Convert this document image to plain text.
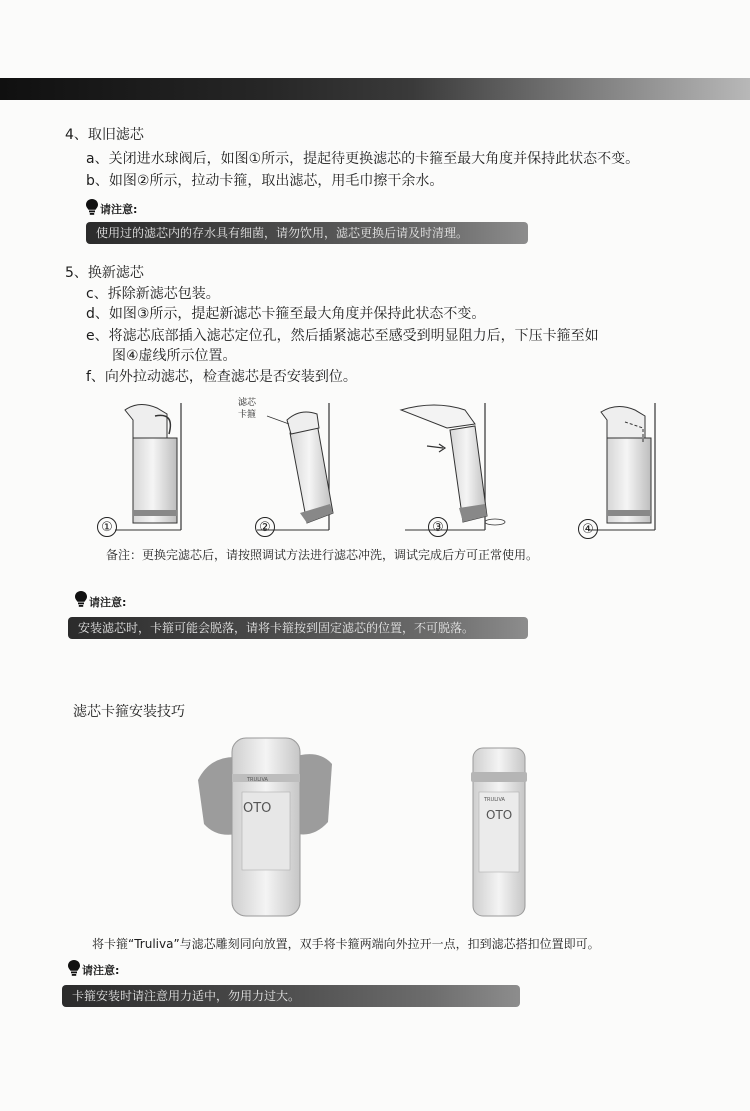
4、取旧滤芯
a、关闭进水球阀后，如图①所示，提起待更换滤芯的卡箍至最大角度并保持此状态不变。
b、如图②所示，拉动卡箍，取出滤芯，用毛巾擦干余水。
请注意:
使用过的滤芯内的存水具有细菌，请勿饮用，滤芯更换后请及时清理。
5、换新滤芯
c、拆除新滤芯包装。
d、如图③所示，提起新滤芯卡箍至最大角度并保持此状态不变。
e、将滤芯底部插入滤芯定位孔，然后插紧滤芯至感受到明显阻力后，下压卡箍至如
图④虚线所示位置。
f、向外拉动滤芯，检查滤芯是否安装到位。
滤芯
卡箍
①	②	③	④
备注：更换完滤芯后，请按照调试方法进行滤芯冲洗，调试完成后方可正常使用。
请注意:
安装滤芯时，卡箍可能会脱落，请将卡箍按到固定滤芯的位置，不可脱落。
滤芯卡箍安装技巧
TRULIVA
OTO
TRULIVA
OTO
将卡箍“Truliva”与滤芯雕刻同向放置，双手将卡箍两端向外拉开一点，扣到滤芯搭扣位置即可。
请注意:
卡箍安装时请注意用力适中，勿用力过大。
